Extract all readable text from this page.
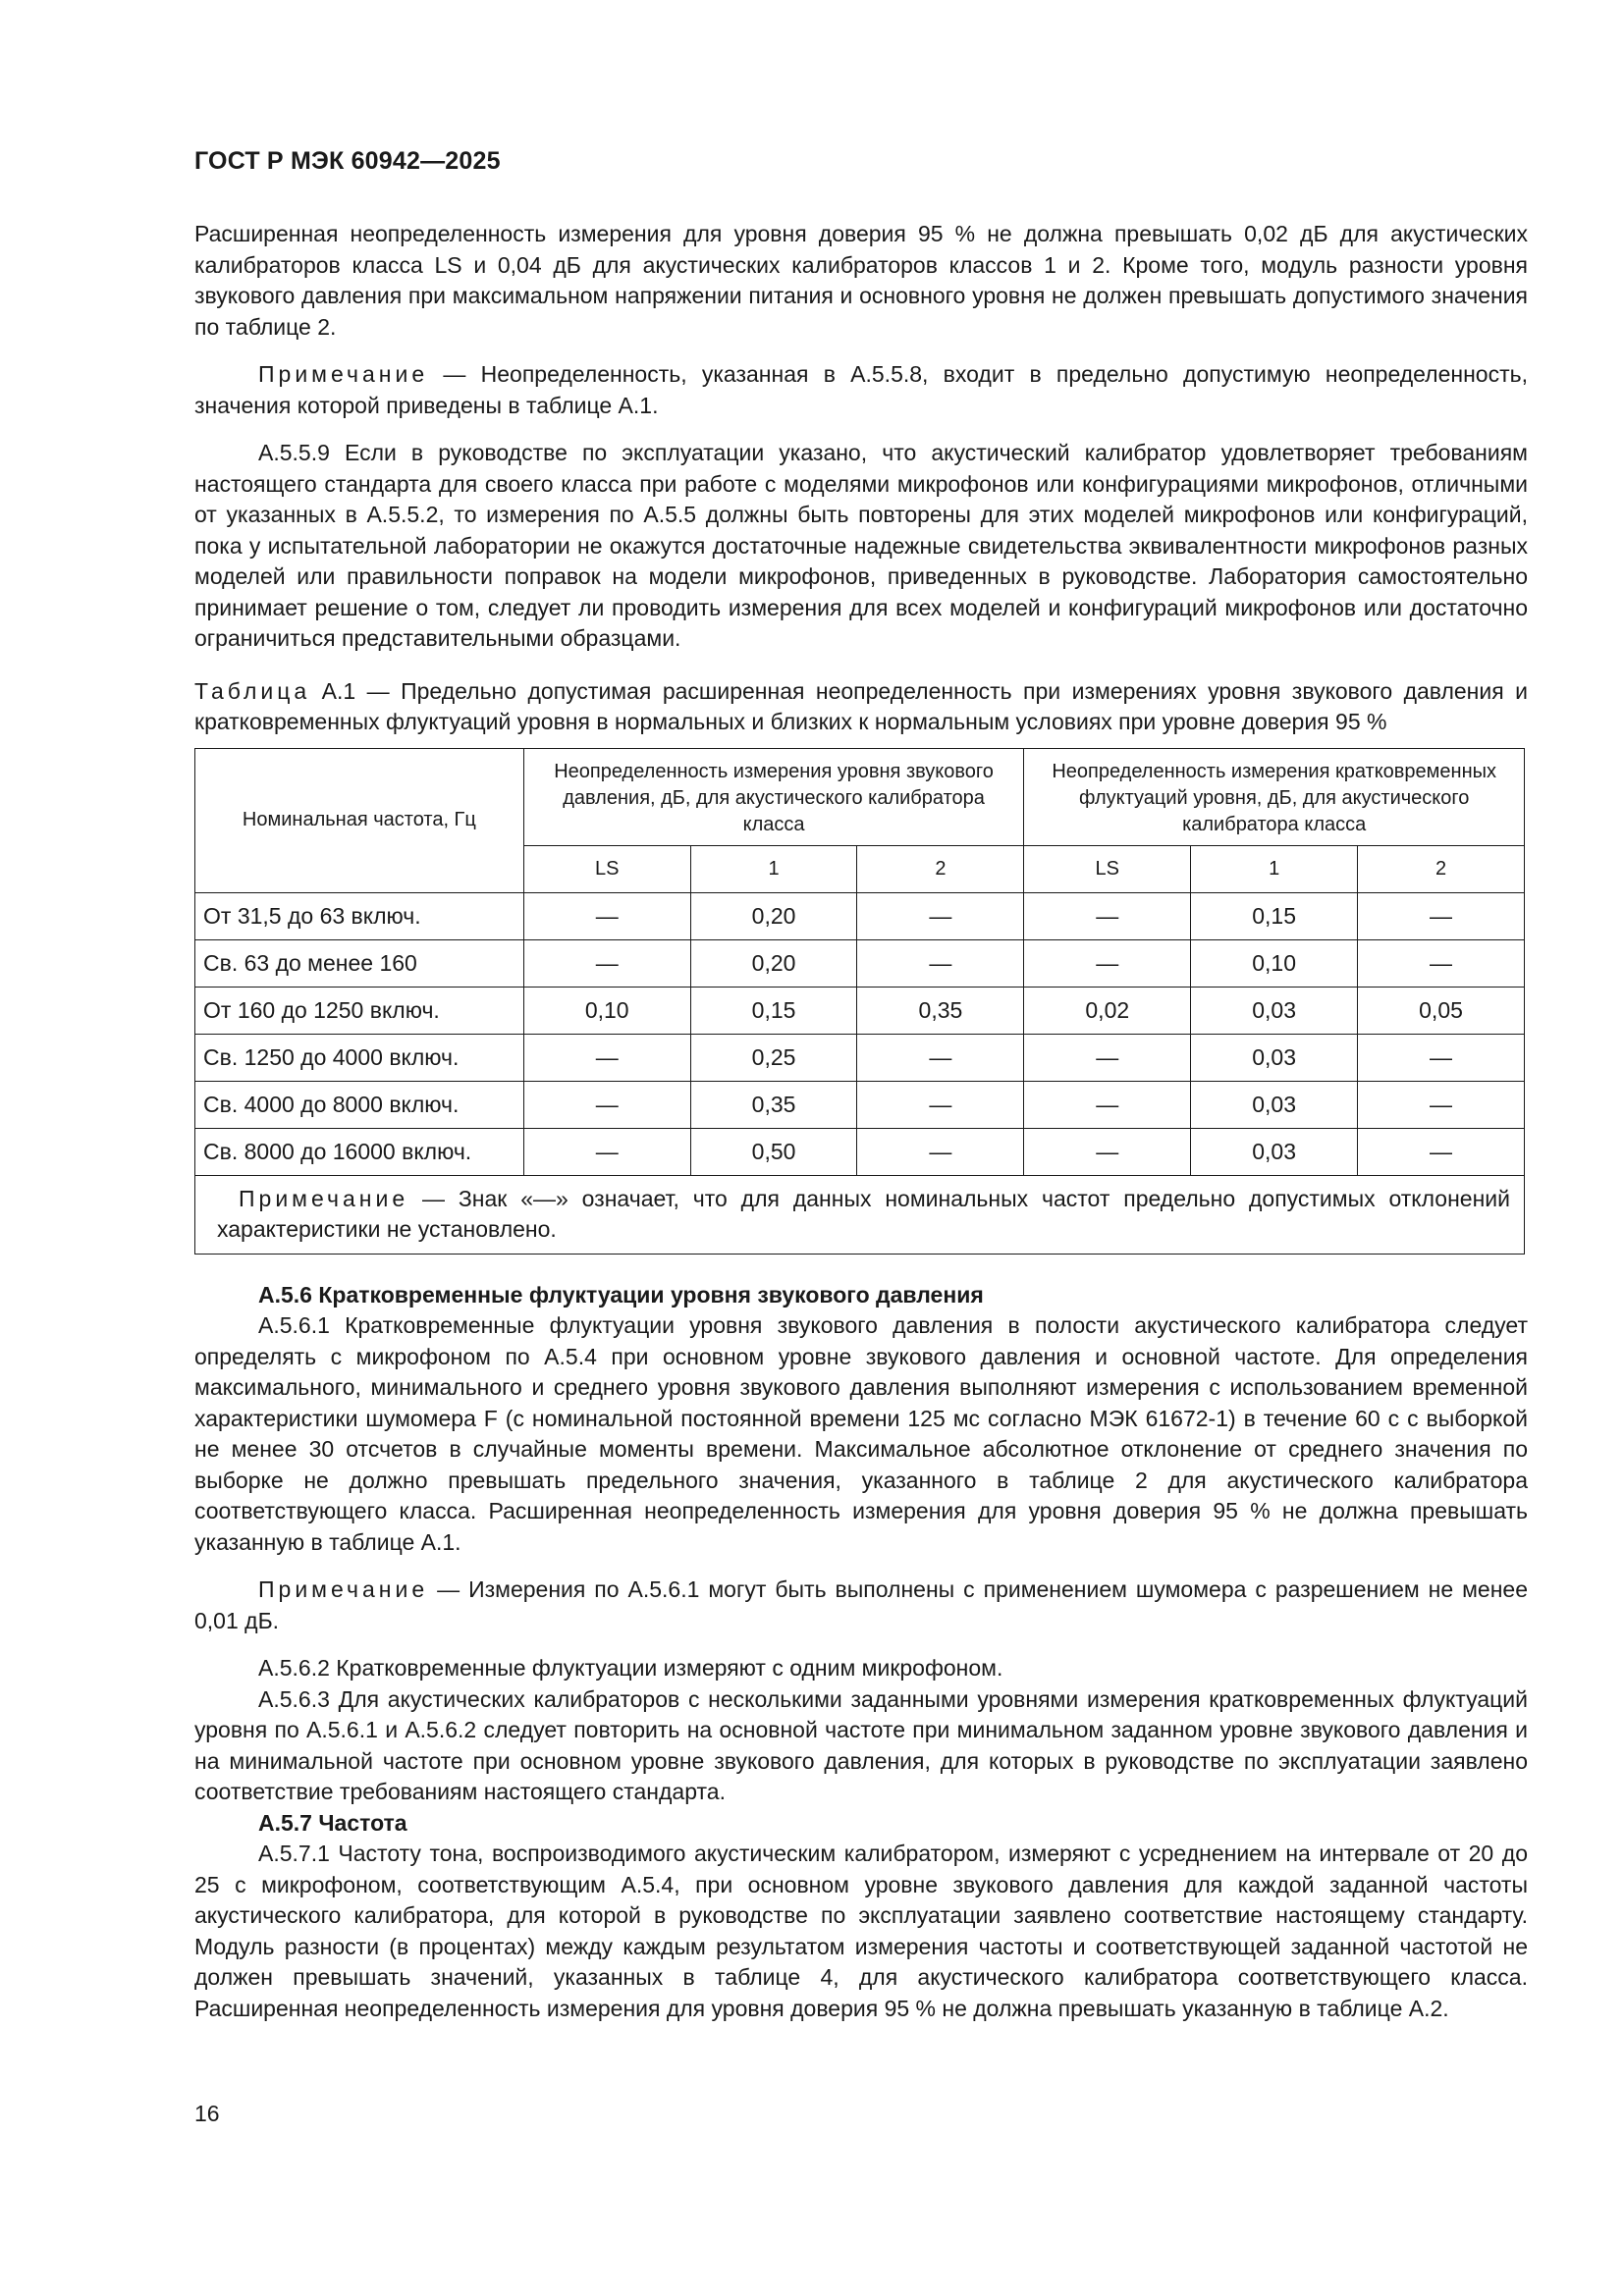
ГОСТ Р МЭК 60942—2025

Расширенная неопределенность измерения для уровня доверия 95 % не должна превышать 0,02 дБ для акустических калибраторов класса LS и 0,04 дБ для акустических калибраторов классов 1 и 2. Кроме того, модуль разности уровня звукового давления при максимальном напряжении питания и основного уровня не должен превышать допустимого значения по таблице 2.

Примечание — Неопределенность, указанная в А.5.5.8, входит в предельно допустимую неопределенность, значения которой приведены в таблице А.1.

А.5.5.9 Если в руководстве по эксплуатации указано, что акустический калибратор удовлетворяет требованиям настоящего стандарта для своего класса при работе с моделями микрофонов или конфигурациями микрофонов, отличными от указанных в А.5.5.2, то измерения по А.5.5 должны быть повторены для этих моделей микрофонов или конфигураций, пока у испытательной лаборатории не окажутся достаточные надежные свидетельства эквивалентности микрофонов разных моделей или правильности поправок на модели микрофонов, приведенных в руководстве. Лаборатория самостоятельно принимает решение о том, следует ли проводить измерения для всех моделей и конфигураций микрофонов или достаточно ограничиться представительными образцами.

Таблица А.1 — Предельно допустимая расширенная неопределенность при измерениях уровня звукового давления и кратковременных флуктуаций уровня в нормальных и близких к нормальным условиях при уровне доверия 95 %
Номинальная частота, Гц	Неопределенность измерения уровня звукового давления, дБ, для акустического калибратора класса			Неопределенность измерения кратковременных флуктуаций уровня, дБ, для акустического калибратора класса		
	LS	1	2	LS	1	2
От 31,5 до 63 включ.	—	0,20	—	—	0,15	—
Св. 63 до менее 160	—	0,20	—	—	0,10	—
От 160 до 1250 включ.	0,10	0,15	0,35	0,02	0,03	0,05
Св. 1250 до 4000 включ.	—	0,25	—	—	0,03	—
Св. 4000 до 8000 включ.	—	0,35	—	—	0,03	—
Св. 8000 до 16000 включ.	—	0,50	—	—	0,03	—
Примечание — Знак «—» означает, что для данных номинальных частот предельно допустимых отклонений характеристики не установлено.						

А.5.6 Кратковременные флуктуации уровня звукового давления

А.5.6.1 Кратковременные флуктуации уровня звукового давления в полости акустического калибратора следует определять с микрофоном по А.5.4 при основном уровне звукового давления и основной частоте. Для определения максимального, минимального и среднего уровня звукового давления выполняют измерения с использованием временной характеристики шумомера F (с номинальной постоянной времени 125 мс согласно МЭК 61672-1) в течение 60 с с выборкой не менее 30 отсчетов в случайные моменты времени. Максимальное абсолютное отклонение от среднего значения по выборке не должно превышать предельного значения, указанного в таблице 2 для акустического калибратора соответствующего класса. Расширенная неопределенность измерения для уровня доверия 95 % не должна превышать указанную в таблице А.1.

Примечание — Измерения по А.5.6.1 могут быть выполнены с применением шумомера с разрешением не менее 0,01 дБ.

А.5.6.2 Кратковременные флуктуации измеряют с одним микрофоном.

А.5.6.3 Для акустических калибраторов с несколькими заданными уровнями измерения кратковременных флуктуаций уровня по А.5.6.1 и А.5.6.2 следует повторить на основной частоте при минимальном заданном уровне звукового давления и на минимальной частоте при основном уровне звукового давления, для которых в руководстве по эксплуатации заявлено соответствие требованиям настоящего стандарта.

А.5.7 Частота

А.5.7.1 Частоту тона, воспроизводимого акустическим калибратором, измеряют с усреднением на интервале от 20 до 25 с микрофоном, соответствующим А.5.4, при основном уровне звукового давления для каждой заданной частоты акустического калибратора, для которой в руководстве по эксплуатации заявлено соответствие настоящему стандарту. Модуль разности (в процентах) между каждым результатом измерения частоты и соответствующей заданной частотой не должен превышать значений, указанных в таблице 4, для акустического калибратора соответствующего класса. Расширенная неопределенность измерения для уровня доверия 95 % не должна превышать указанную в таблице А.2.

16
